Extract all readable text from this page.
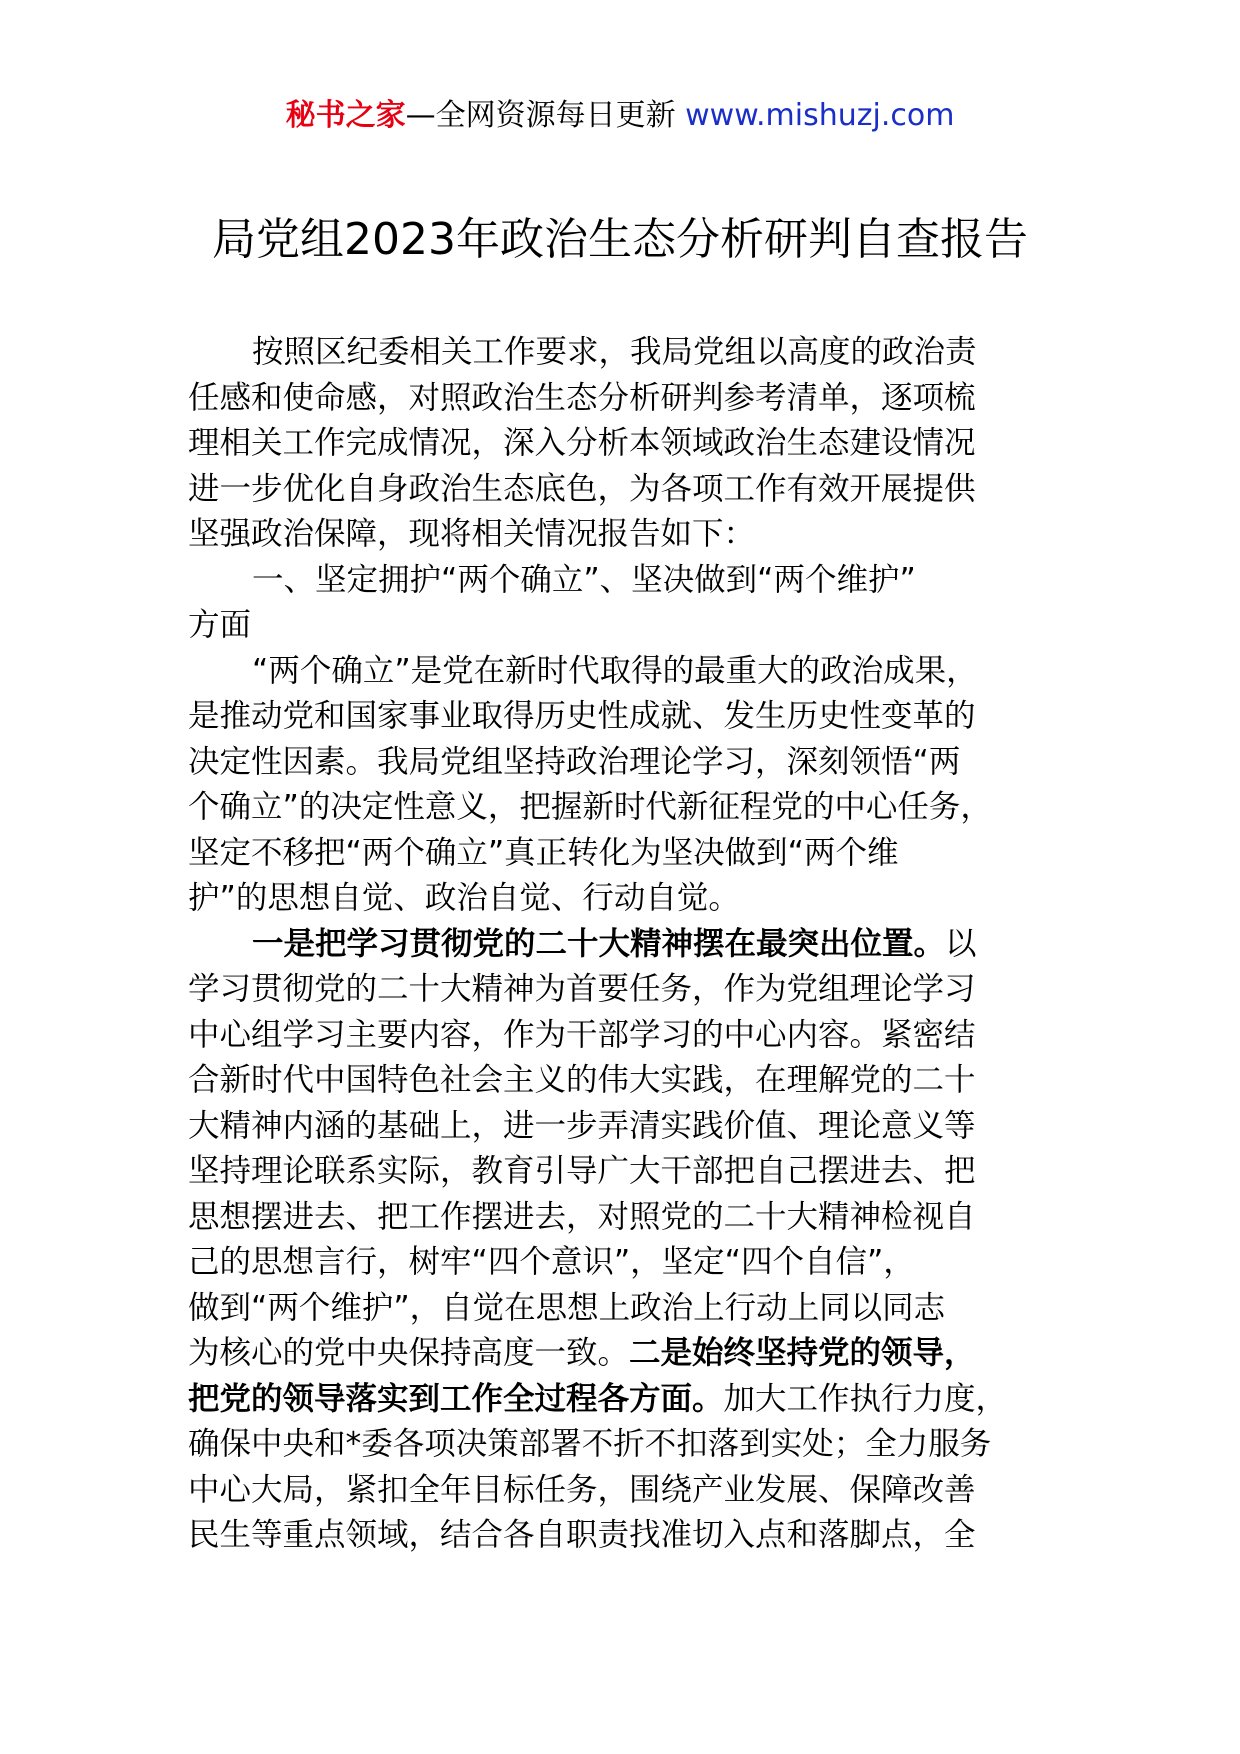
秘书之家—全网资源每日更新 www.mishuzj.com
局党组2023年政治生态分析研判自查报告
按照区纪委相关工作要求，我局党组以高度的政治责
任感和使命感，对照政治生态分析研判参考清单，逐项梳
理相关工作完成情况，深入分析本领域政治生态建设情况
进一步优化自身政治生态底色，为各项工作有效开展提供
坚强政治保障，现将相关情况报告如下：
一、坚定拥护“两个确立”、坚决做到“两个维护”
方面
“两个确立”是党在新时代取得的最重大的政治成果，
是推动党和国家事业取得历史性成就、发生历史性变革的
决定性因素。我局党组坚持政治理论学习，深刻领悟“两
个确立”的决定性意义，把握新时代新征程党的中心任务，
坚定不移把“两个确立”真正转化为坚决做到“两个维
护”的思想自觉、政治自觉、行动自觉。
一是把学习贯彻党的二十大精神摆在最突出位置。以
学习贯彻党的二十大精神为首要任务，作为党组理论学习
中心组学习主要内容，作为干部学习的中心内容。紧密结
合新时代中国特色社会主义的伟大实践，在理解党的二十
大精神内涵的基础上，进一步弄清实践价值、理论意义等
坚持理论联系实际，教育引导广大干部把自己摆进去、把
思想摆进去、把工作摆进去，对照党的二十大精神检视自
己的思想言行，树牢“四个意识”，坚定“四个自信”，
做到“两个维护”，自觉在思想上政治上行动上同以同志
为核心的党中央保持高度一致。二是始终坚持党的领导，
把党的领导落实到工作全过程各方面。加大工作执行力度，
确保中央和*委各项决策部署不折不扣落到实处；全力服务
中心大局，紧扣全年目标任务，围绕产业发展、保障改善
民生等重点领域，结合各自职责找准切入点和落脚点，全
